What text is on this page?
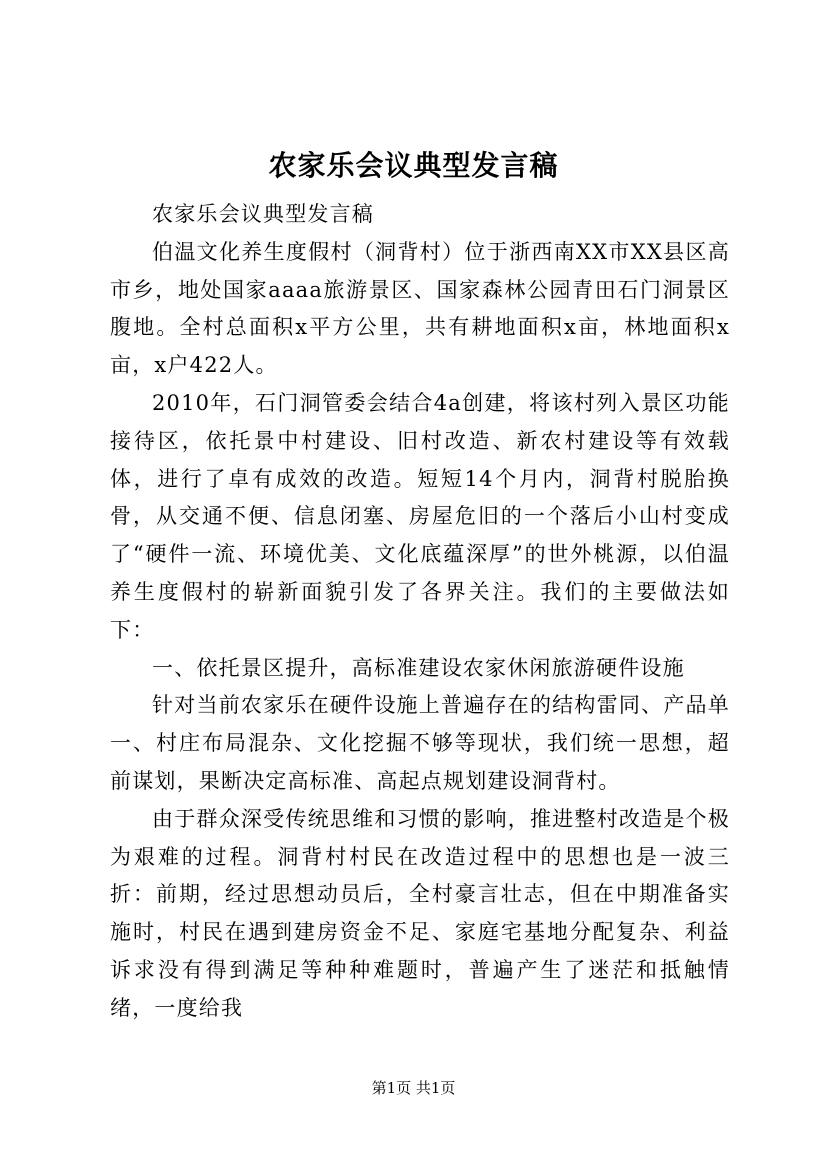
农家乐会议典型发言稿

农家乐会议典型发言稿

伯温文化养生度假村（洞背村）位于浙西南XX市XX县区高市乡，地处国家aaaa旅游景区、国家森林公园青田石门洞景区腹地。全村总面积x平方公里，共有耕地面积x亩，林地面积x亩，x户422人。

2010年，石门洞管委会结合4a创建，将该村列入景区功能接待区，依托景中村建设、旧村改造、新农村建设等有效载体，进行了卓有成效的改造。短短14个月内，洞背村脱胎换骨，从交通不便、信息闭塞、房屋危旧的一个落后小山村变成了“硬件一流、环境优美、文化底蕴深厚”的世外桃源，以伯温养生度假村的崭新面貌引发了各界关注。我们的主要做法如下：

一、依托景区提升，高标准建设农家休闲旅游硬件设施

针对当前农家乐在硬件设施上普遍存在的结构雷同、产品单一、村庄布局混杂、文化挖掘不够等现状，我们统一思想，超前谋划，果断决定高标准、高起点规划建设洞背村。

由于群众深受传统思维和习惯的影响，推进整村改造是个极为艰难的过程。洞背村村民在改造过程中的思想也是一波三折：前期，经过思想动员后，全村豪言壮志，但在中期准备实施时，村民在遇到建房资金不足、家庭宅基地分配复杂、利益诉求没有得到满足等种种难题时，普遍产生了迷茫和抵触情绪，一度给我

第1页 共1页
